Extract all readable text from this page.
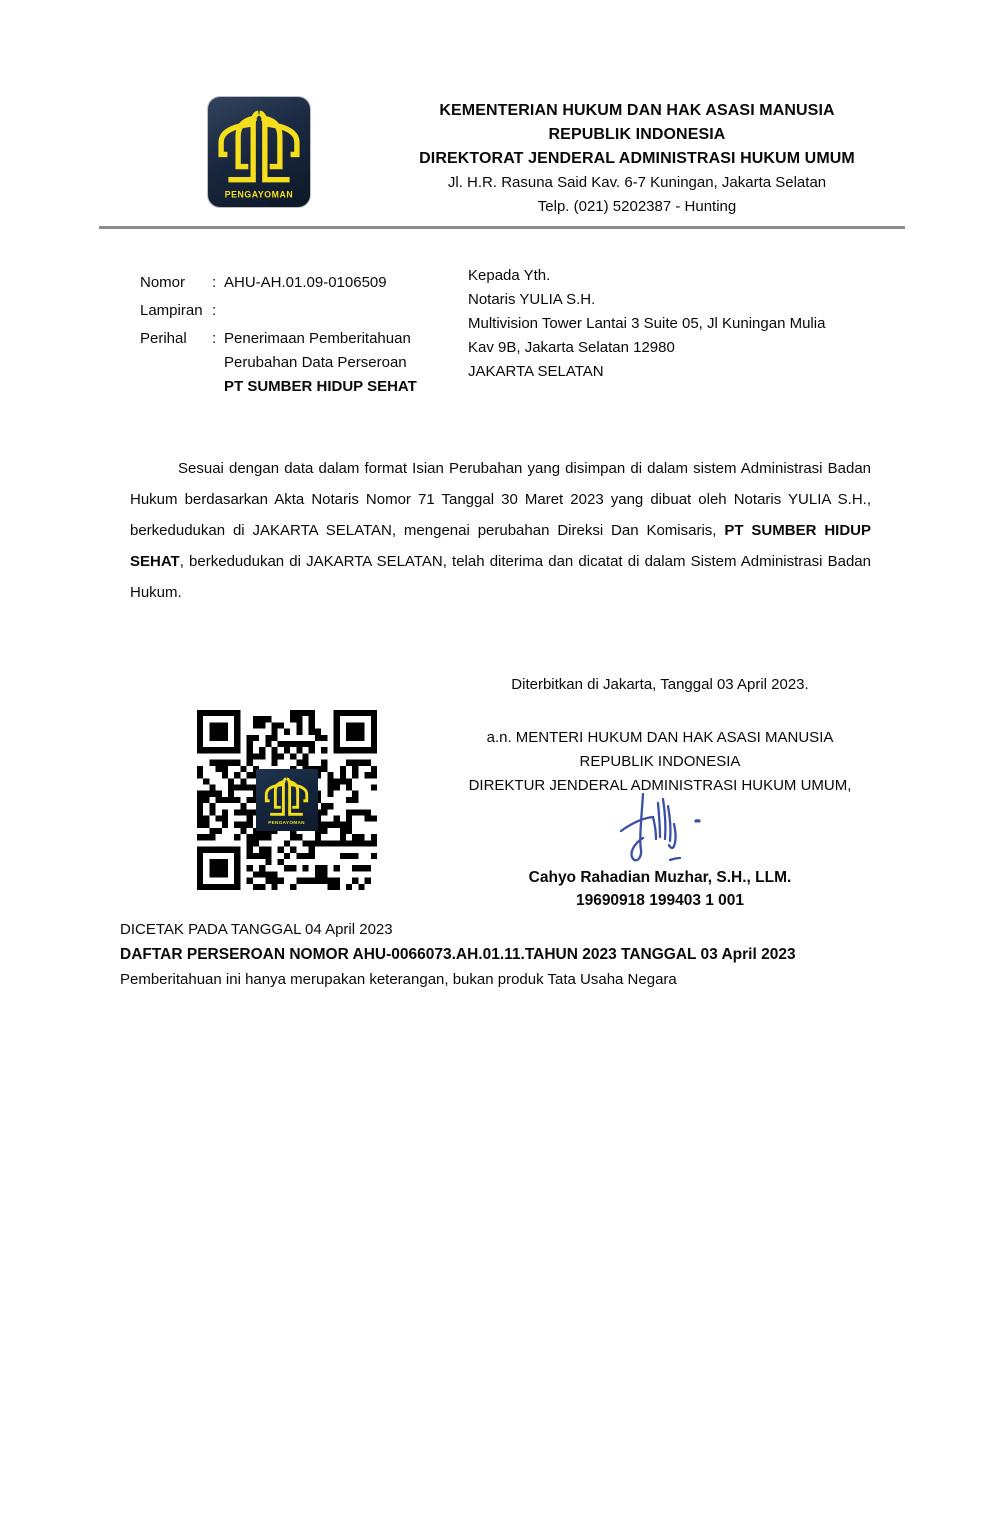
PENGAYOMAN
KEMENTERIAN HUKUM DAN HAK ASASI MANUSIA
REPUBLIK INDONESIA
DIREKTORAT JENDERAL ADMINISTRASI HUKUM UMUM
Jl. H.R. Rasuna Said Kav. 6-7 Kuningan, Jakarta Selatan
Telp. (021) 5202387 - Hunting
Nomor	: AHU-AH.01.09-0106509
Lampiran :
Perihal	: Penerimaan Pemberitahuan
Perubahan Data Perseroan
PT SUMBER HIDUP SEHAT
Kepada Yth.
Notaris YULIA S.H.
Multivision Tower Lantai 3 Suite 05, Jl Kuningan Mulia
Kav 9B, Jakarta Selatan 12980
JAKARTA SELATAN

Sesuai dengan data dalam format Isian Perubahan yang disimpan di dalam sistem Administrasi Badan Hukum berdasarkan Akta Notaris Nomor 71 Tanggal 30 Maret 2023 yang dibuat oleh Notaris YULIA S.H., berkedudukan di JAKARTA SELATAN, mengenai perubahan Direksi Dan Komisaris, PT SUMBER HIDUP SEHAT, berkedudukan di JAKARTA SELATAN, telah diterima dan dicatat di dalam Sistem Administrasi Badan Hukum.

PENGAYOMAN
Diterbitkan di Jakarta, Tanggal 03 April 2023.
a.n. MENTERI HUKUM DAN HAK ASASI MANUSIA
REPUBLIK INDONESIA
DIREKTUR JENDERAL ADMINISTRASI HUKUM UMUM,
Cahyo Rahadian Muzhar, S.H., LLM.
19690918 199403 1 001
DICETAK PADA TANGGAL 04 April 2023
DAFTAR PERSEROAN NOMOR AHU-0066073.AH.01.11.TAHUN 2023 TANGGAL 03 April 2023
Pemberitahuan ini hanya merupakan keterangan, bukan produk Tata Usaha Negara
